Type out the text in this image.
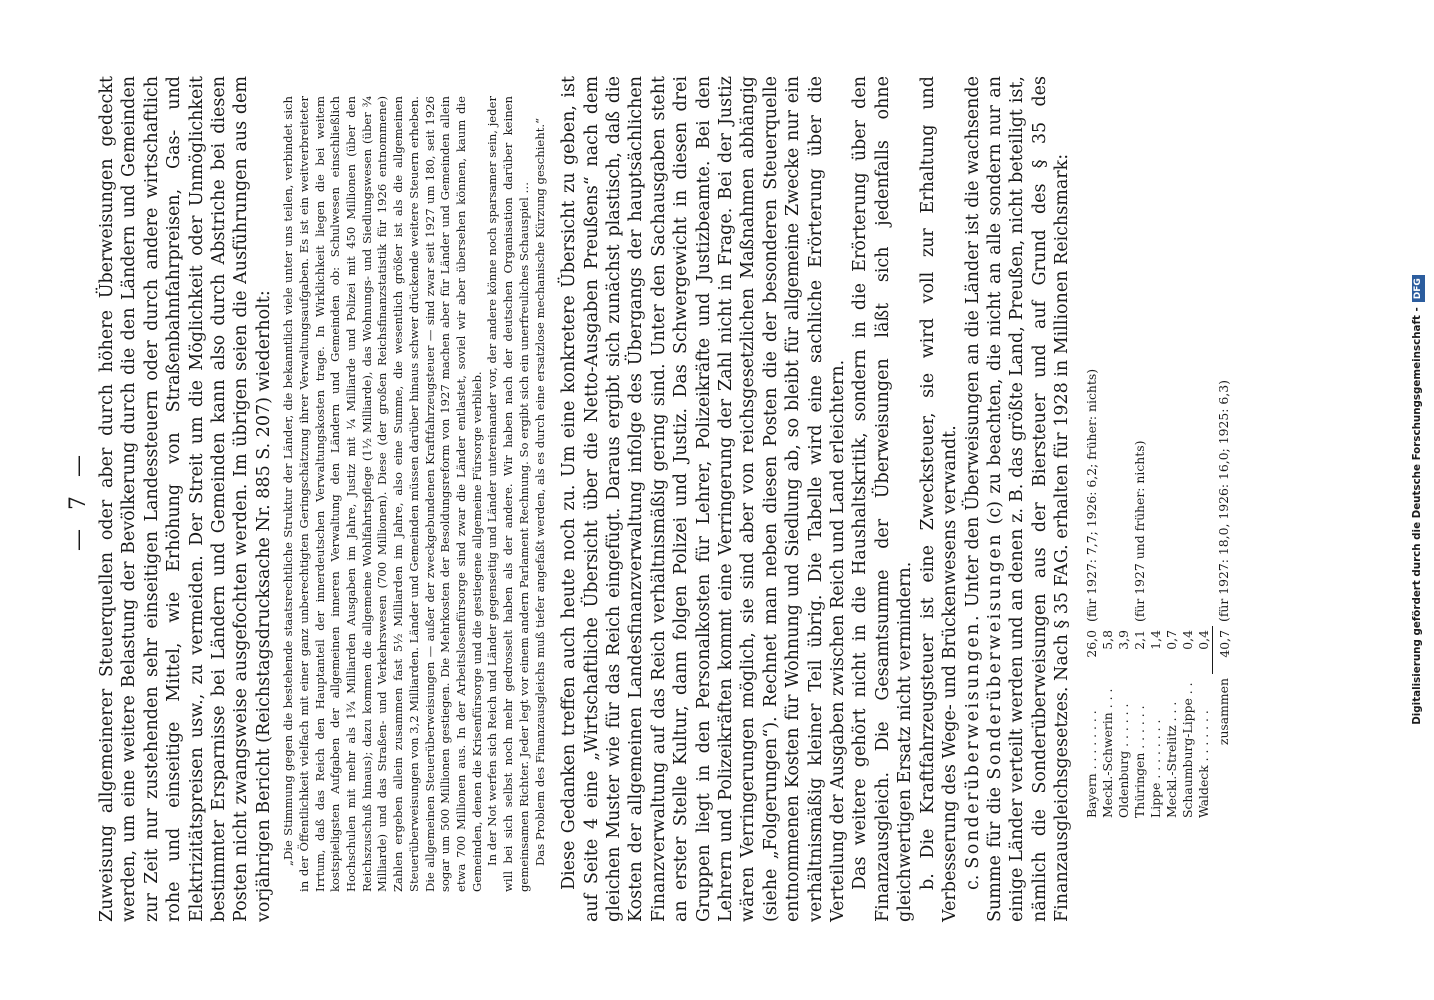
— 7 — Zuweisung allgemeinerer Steuerquellen oder aber durch höhere Überweisungen gedeckt werden, um eine weitere Belastung der Bevölkerung durch die den Ländern und Gemeinden zur Zeit nur zustehenden sehr einseitigen Landessteuern oder durch andere wirtschaftlich rohe und einseitige Mittel, wie Erhöhung von Straßenbahnfahrpreisen, Gas- und Elektrizitätspreisen usw., zu vermeiden. Der Streit um die Möglichkeit oder Unmöglichkeit bestimmter Ersparnisse bei Ländern und Gemeinden kann also durch Abstriche bei diesen Posten nicht zwangsweise ausgefochten werden. Im übrigen seien die Ausführungen aus dem vorjährigen Bericht (Reichstagsdrucksache Nr. 885 S. 207) wiederholt: „Die Stimmung gegen die bestehende staatsrechtliche Struktur der Länder, die bekanntlich viele unter uns teilen, verbindet sich in der Öffentlichkeit vielfach mit einer ganz unberechtigten Geringschätzung ihrer Verwaltungsaufgaben. Es ist ein weitverbreiteter Irrtum, daß das Reich den Hauptanteil der innerdeutschen Verwaltungskosten trage. In Wirklichkeit liegen die bei weitem kostspieligsten Aufgaben der allgemeinen inneren Verwaltung den Ländern und Gemeinden ob: Schulwesen einschließlich Hochschulen mit mehr als 1¾ Milliarden Ausgaben im Jahre, Justiz mit ¼ Milliarde und Polizei mit 450 Millionen (über den Reichszuschuß hinaus); dazu kommen die allgemeine Wohlfahrtspflege (1½ Milliarde), das Wohnungs- und Siedlungswesen (über ¾ Milliarde) und das Straßen- und Verkehrswesen (700 Millionen). Diese (der großen Reichsfinanzstatistik für 1926 entnommene) Zahlen ergeben allein zusammen fast 5½ Milliarden im Jahre, also eine Summe, die wesentlich größer ist als die allgemeinen Steuerüberweisungen von 3,2 Milliarden. Länder und Gemeinden müssen darüber hinaus schwer drückende weitere Steuern erheben. Die allgemeinen Steuerüberweisungen — außer der zweckgebundenen Kraftfahrzeugsteuer — sind zwar seit 1927 um 180, seit 1926 sogar um 500 Millionen gestiegen. Die Mehrkosten der Besoldungsreform von 1927 machen aber für Länder und Gemeinden allein etwa 700 Millionen aus. In der Arbeitslosenfürsorge sind zwar die Länder entlastet, soviel wir aber übersehen können, kaum die Gemeinden, denen die Krisenfürsorge und die gestiegene allgemeine Fürsorge verblieb. In der Not werfen sich Reich und Länder gegenseitig und Länder untereinander vor, der andere könne noch sparsamer sein, jeder will bei sich selbst noch mehr gedrosselt haben als der andere. Wir haben nach der deutschen Organisation darüber keinen gemeinsamen Richter. Jeder legt vor einem andern Parlament Rechnung. So ergibt sich ein unerfreuliches Schauspiel … Das Problem des Finanzausgleichs muß tiefer angefaßt werden, als es durch eine ersatzlose mechanische Kürzung geschieht.“ Diese Gedanken treffen auch heute noch zu. Um eine konkretere Übersicht zu geben, ist auf Seite 4 eine „Wirtschaftliche Übersicht über die Netto-Ausgaben Preußens“ nach dem gleichen Muster wie für das Reich eingefügt. Daraus ergibt sich zunächst plastisch, daß die Kosten der allgemeinen Landesfinanzverwaltung infolge des Übergangs der hauptsächlichen Finanzverwaltung auf das Reich verhältnismäßig gering sind. Unter den Sachausgaben steht an erster Stelle Kultur, dann folgen Polizei und Justiz. Das Schwergewicht in diesen drei Gruppen liegt in den Personalkosten für Lehrer, Polizeikräfte und Justizbeamte. Bei den Lehrern und Polizeikräften kommt eine Verringerung der Zahl nicht in Frage. Bei der Justiz wären Verringerungen möglich, sie sind aber von reichsgesetzlichen Maßnahmen abhängig (siehe „Folgerungen“). Rechnet man neben diesen Posten die der besonderen Steuerquelle entnommenen Kosten für Wohnung und Siedlung ab, so bleibt für allgemeine Zwecke nur ein verhältnismäßig kleiner Teil übrig. Die Tabelle wird eine sachliche Erörterung über die Verteilung der Ausgaben zwischen Reich und Land erleichtern. Das weitere gehört nicht in die Haushaltskritik, sondern in die Erörterung über den Finanzausgleich. Die Gesamtsumme der Überweisungen läßt sich jedenfalls ohne gleichwertigen Ersatz nicht vermindern. b. Die Kraftfahrzeugsteuer ist eine Zwecksteuer, sie wird voll zur Erhaltung und Verbesserung des Wege- und Brückenwesens verwandt. c. Sonderüberweisungen. Unter den Überweisungen an die Länder ist die wachsende Summe für die Sonderüberweisungen (c) zu beachten, die nicht an alle sondern nur an einige Länder verteilt werden und an denen z. B. das größte Land, Preußen, nicht beteiligt ist, nämlich die Sonderüberweisungen aus der Biersteuer und auf Grund des § 35 des Finanzausgleichsgesetzes. Nach § 35 FAG. erhalten für 1928 in Millionen Reichsmark: Bayern . . . . . . . .	26,0	(für 1927: 7,7; 1926: 6,2; früher: nichts)
Meckl.-Schwerin . . .	5,8	
Oldenburg . . . . . .	3,9	
Thüringen . . . . . .	2,1	(für 1927 und früher: nichts)
Lippe . . . . . . . .	1,4	
Meckl.-Strelitz . . .	0,7	
Schaumburg-Lippe . .	0,4	
Waldeck . . . . . . .	0,4	
zusammen	40,7	(für 1927: 18,0, 1926: 16,0; 1925: 6,3)	Digitalisierung gefördert durch die Deutsche Forschungsgemeinschaft -DFG
